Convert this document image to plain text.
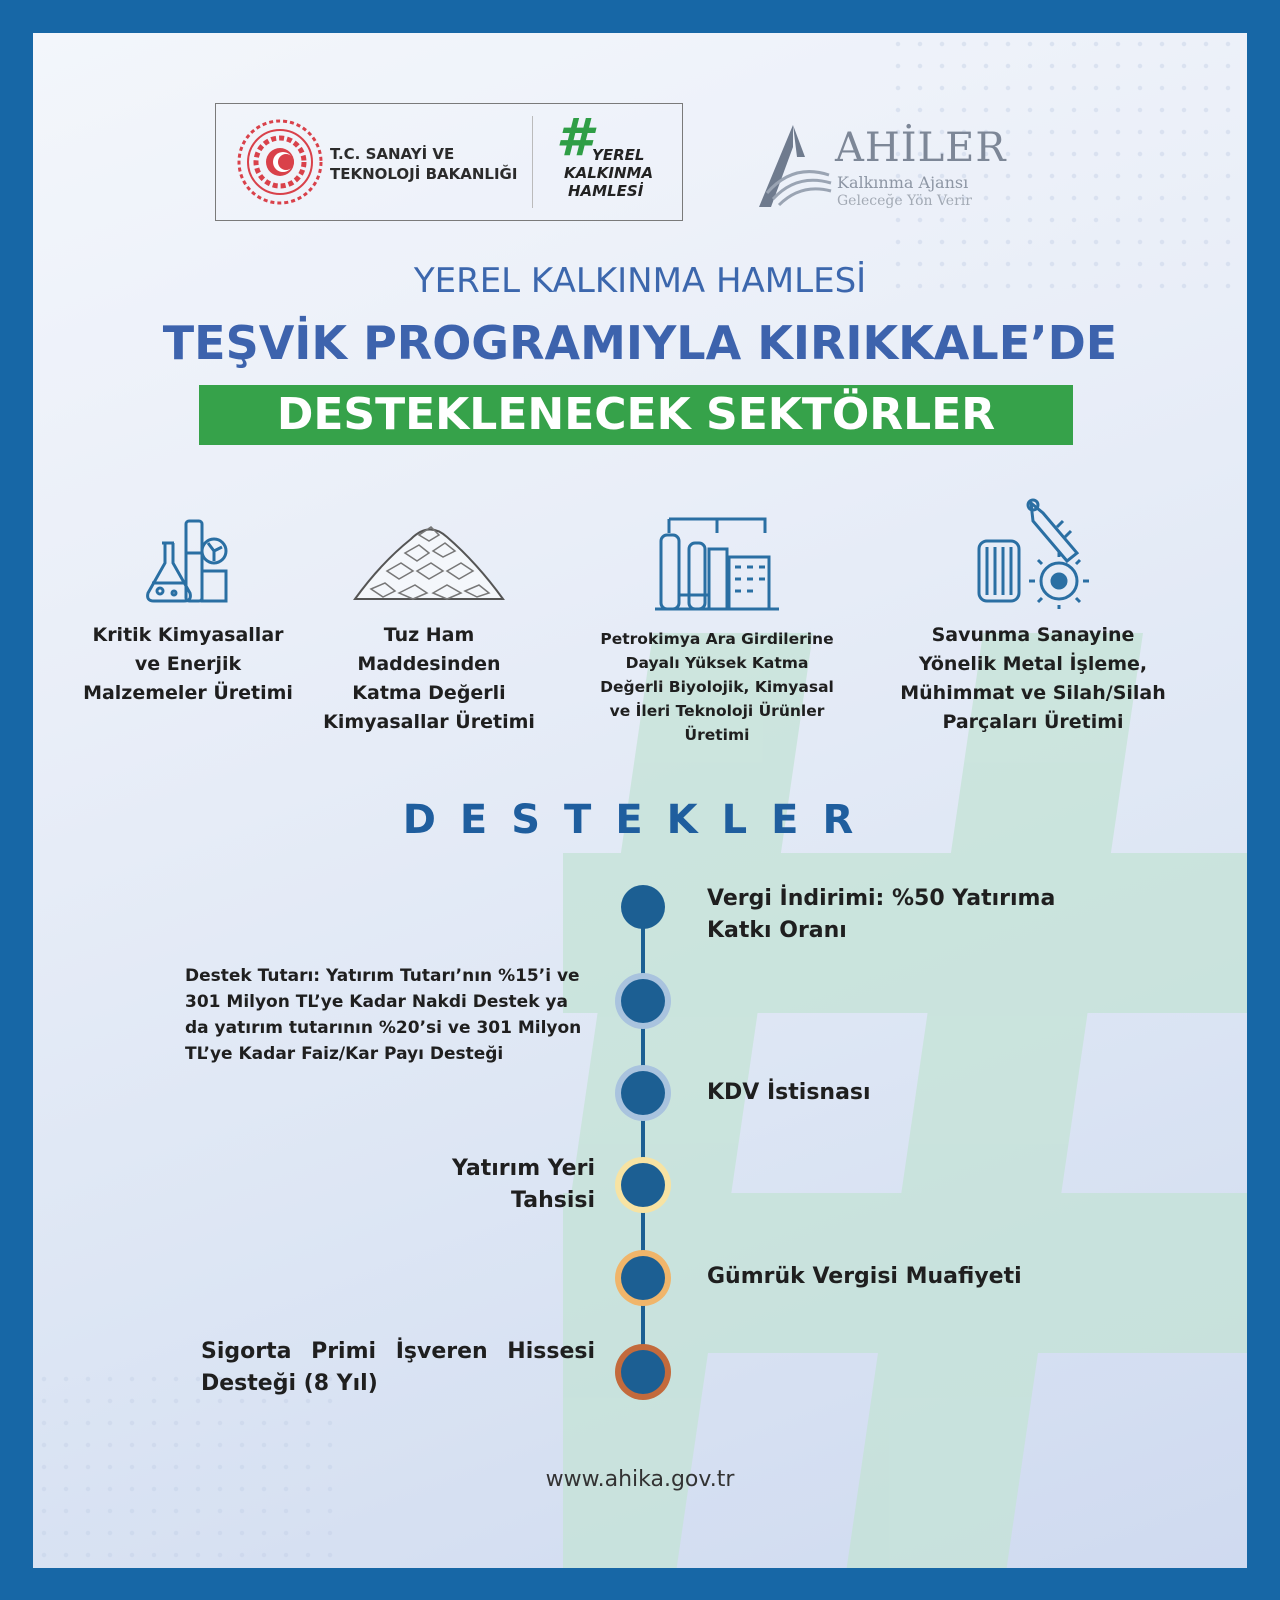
T.C. SANAYİ VE
TEKNOLOJİ BAKANLIĞI
# YEREL
KALKINMA
HAMLESİ
AHİLER
Kalkınma Ajansı
Geleceğe Yön Verir
YEREL KALKINMA HAMLESİ
TEŞVİK PROGRAMIYLA KIRIKKALE’DE
DESTEKLENECEK SEKTÖRLER
Kritik Kimyasallar
ve Enerjik
Malzemeler Üretimi
Tuz Ham
Maddesinden
Katma Değerli
Kimyasallar Üretimi
Petrokimya Ara Girdilerine
Dayalı Yüksek Katma
Değerli Biyolojik, Kimyasal
ve İleri Teknoloji Ürünler
Üretimi
Savunma Sanayine
Yönelik Metal İşleme,
Mühimmat ve Silah/Silah
Parçaları Üretimi
DESTEKLER
Vergi İndirimi: %50 Yatırıma
Katkı Oranı
Destek Tutarı: Yatırım Tutarı’nın %15’i ve
301 Milyon TL’ye Kadar Nakdi Destek ya
da yatırım tutarının %20’si ve 301 Milyon
TL’ye Kadar Faiz/Kar Payı Desteği
KDV İstisnası
Yatırım Yeri
Tahsisi
Gümrük Vergisi Muafiyeti
Sigorta Primi İşveren Hissesi
Desteği (8 Yıl)
www.ahika.gov.tr
